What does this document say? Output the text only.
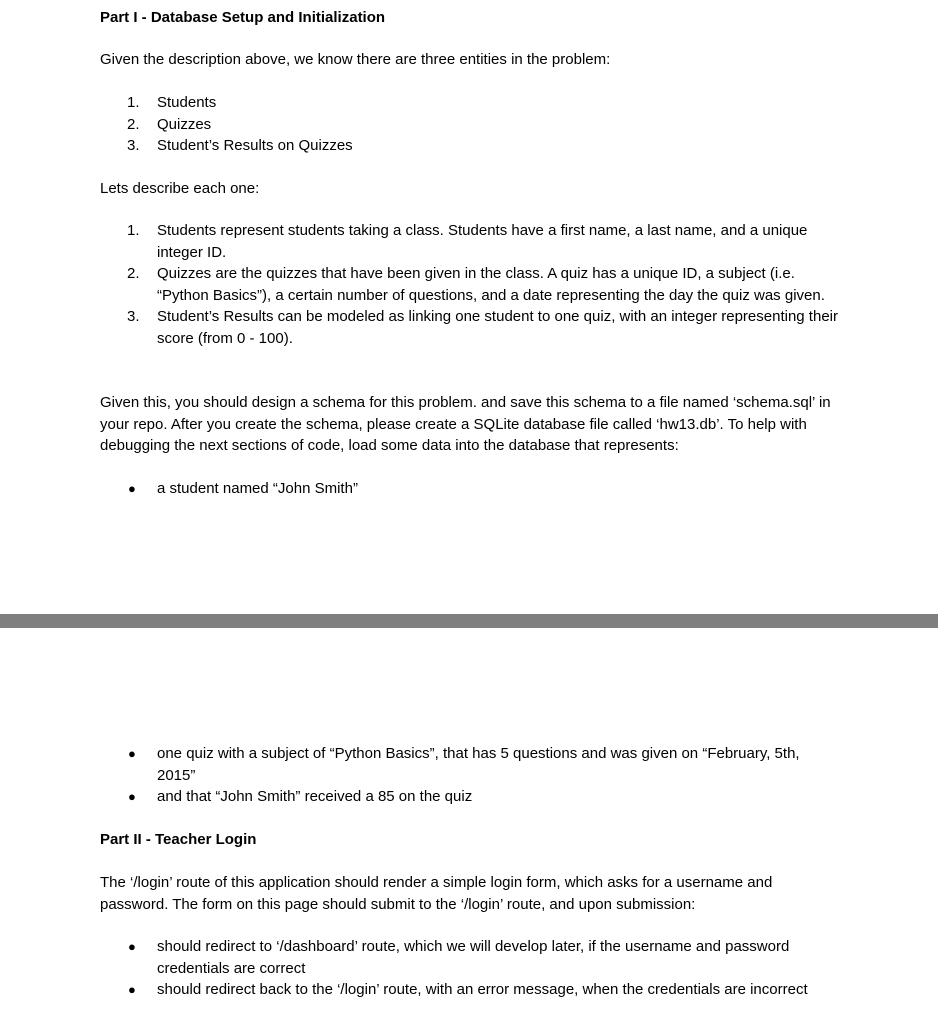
Part I - Database Setup and Initialization

Given the description above, we know there are three entities in the problem:

1. Students
2. Quizzes
3. Student’s Results on Quizzes

Lets describe each one:

1. Students represent students taking a class. Students have a first name, a last name, and a unique integer ID.
2. Quizzes are the quizzes that have been given in the class. A quiz has a unique ID, a subject (i.e. “Python Basics”), a certain number of questions, and a date representing the day the quiz was given.
3. Student’s Results can be modeled as linking one student to one quiz, with an integer representing their score (from 0 - 100).

Given this, you should design a schema for this problem. and save this schema to a file named ‘schema.sql’ in your repo. After you create the schema, please create a SQLite database file called ‘hw13.db’. To help with debugging the next sections of code, load some data into the database that represents:

● a student named “John Smith”
● one quiz with a subject of “Python Basics”, that has 5 questions and was given on “February, 5th, 2015”
● and that “John Smith” received a 85 on the quiz

Part II - Teacher Login

The ‘/login’ route of this application should render a simple login form, which asks for a username and password. The form on this page should submit to the ‘/login’ route, and upon submission:

● should redirect to ‘/dashboard’ route, which we will develop later, if the username and password credentials are correct
● should redirect back to the ‘/login’ route, with an error message, when the credentials are incorrect
